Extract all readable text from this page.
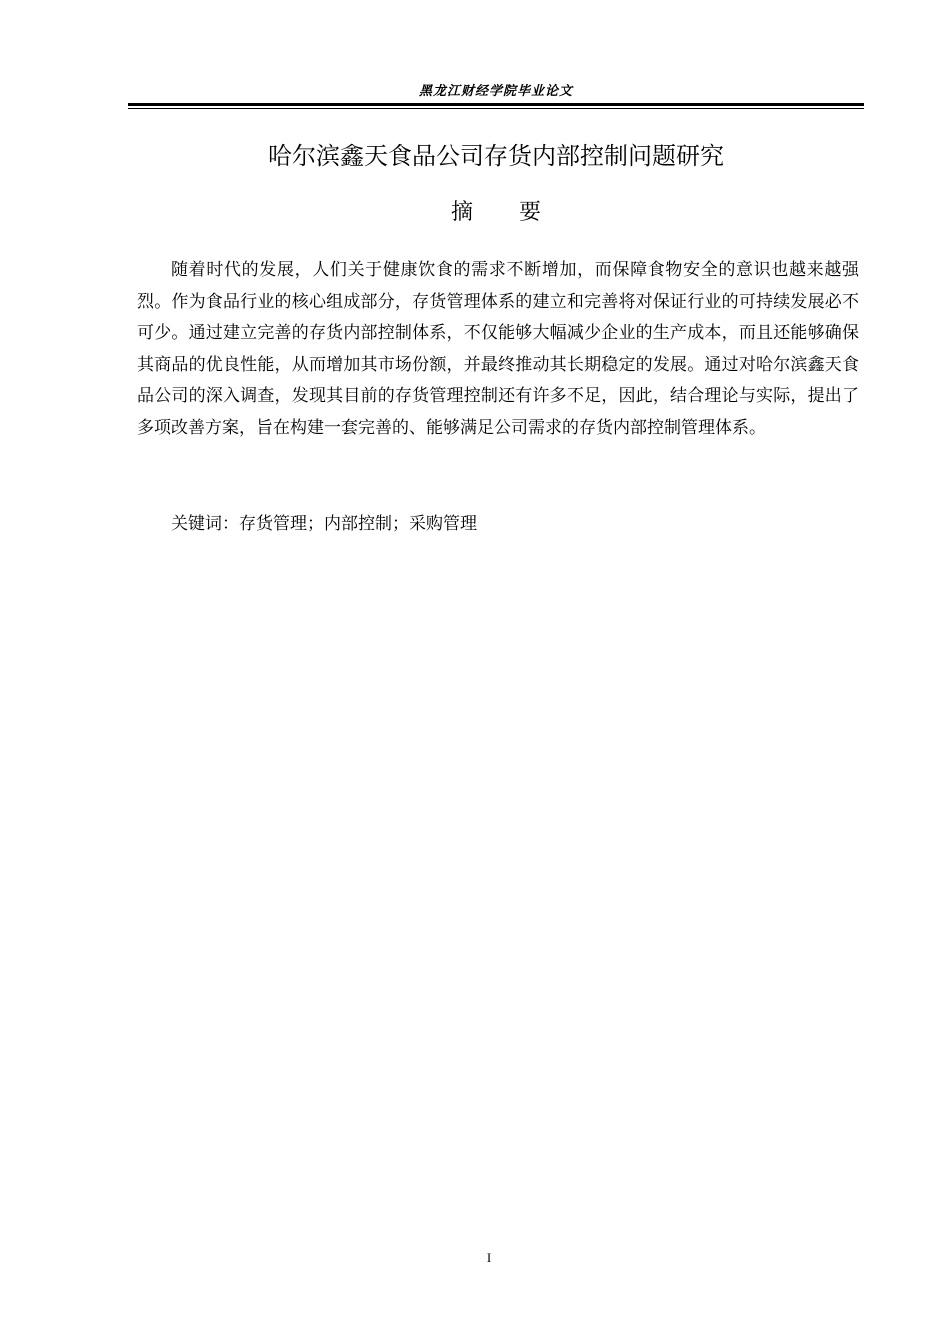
黑龙江财经学院毕业论文
哈尔滨鑫天食品公司存货内部控制问题研究
摘要
随着时代的发展，人们关于健康饮食的需求不断增加，而保障食物安全的意识也越来越强烈。作为食品行业的核心组成部分，存货管理体系的建立和完善将对保证行业的可持续发展必不可少。通过建立完善的存货内部控制体系，不仅能够大幅减少企业的生产成本，而且还能够确保其商品的优良性能，从而增加其市场份额，并最终推动其长期稳定的发展。通过对哈尔滨鑫天食品公司的深入调查，发现其目前的存货管理控制还有许多不足，因此，结合理论与实际，提出了多项改善方案，旨在构建一套完善的、能够满足公司需求的存货内部控制管理体系。
关键词：存货管理；内部控制；采购管理
I
